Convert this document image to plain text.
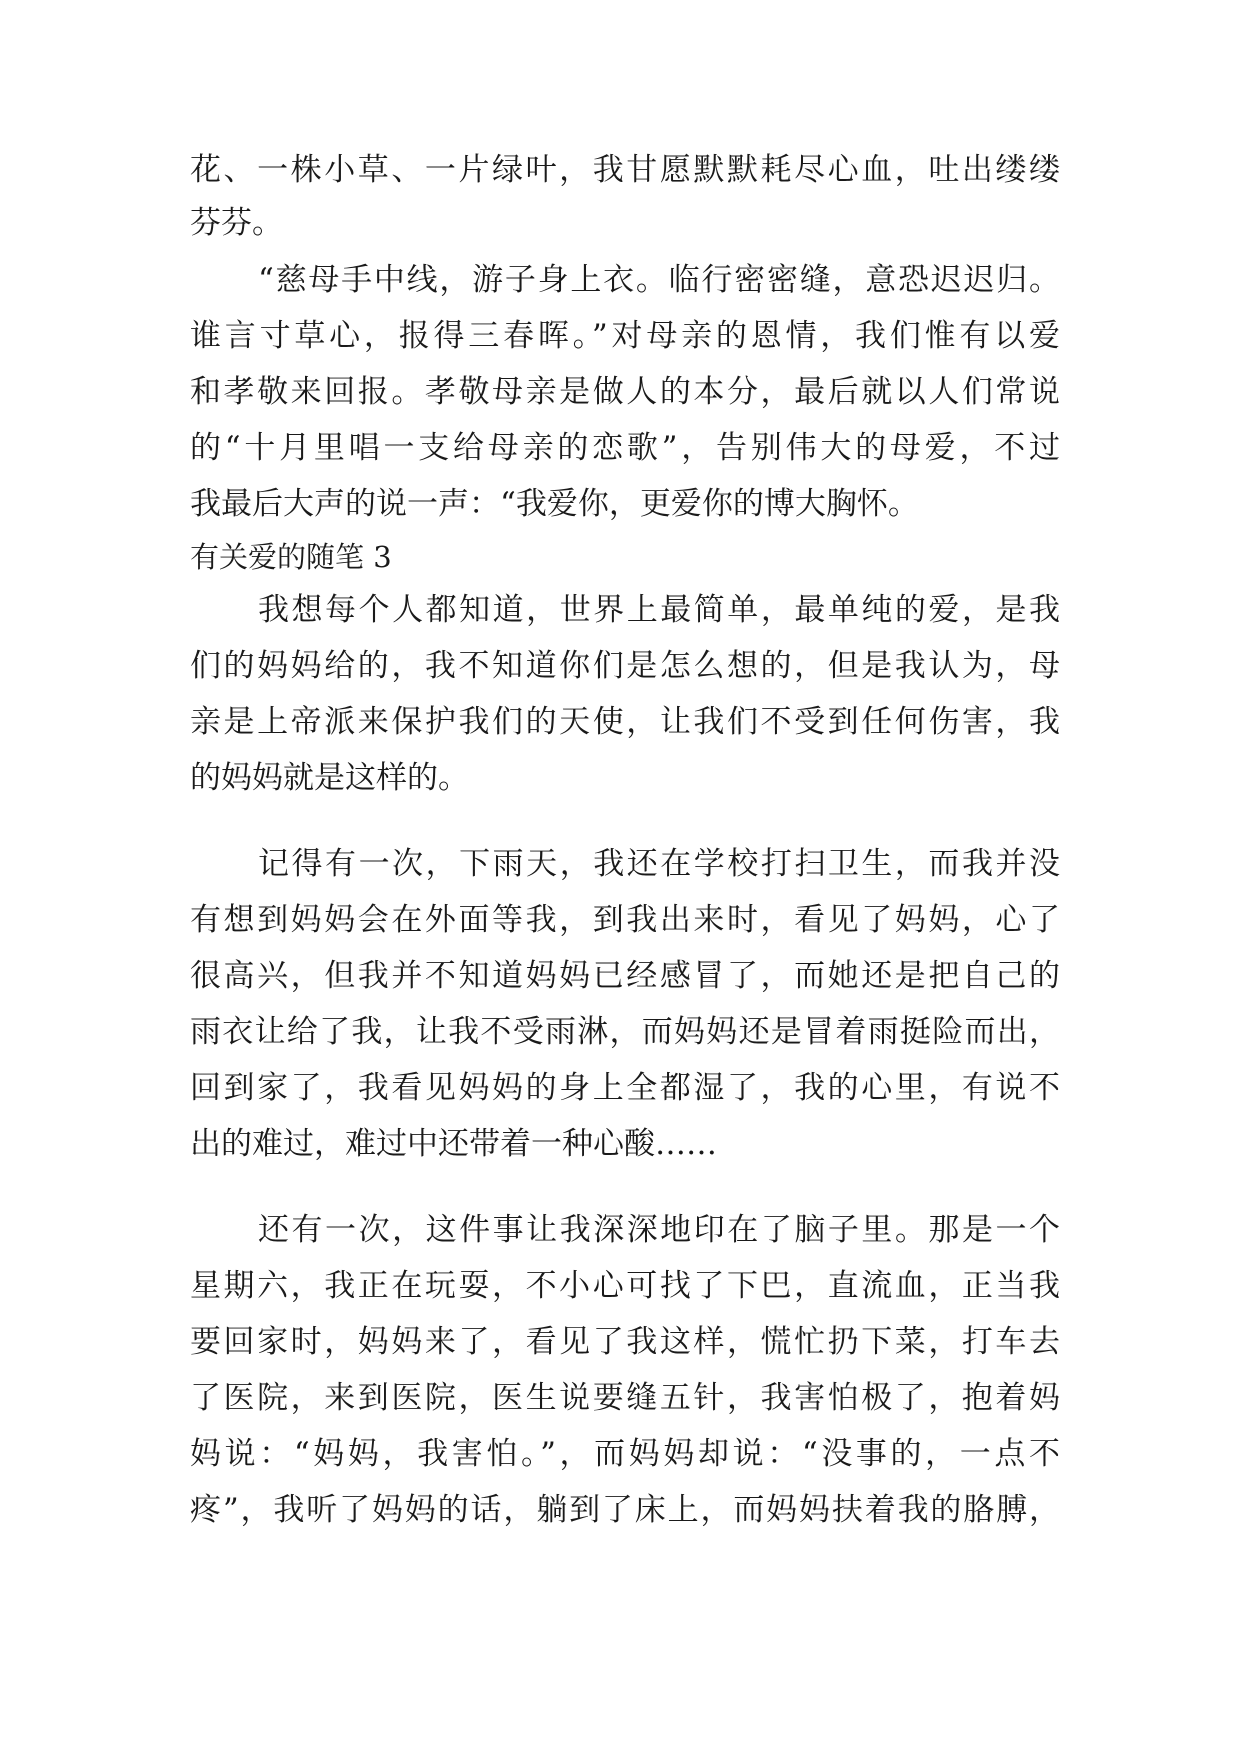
花、一株小草、一片绿叶，我甘愿默默耗尽心血，吐出缕缕
芬芬。
“慈母手中线，游子身上衣。临行密密缝，意恐迟迟归。
谁言寸草心，报得三春晖。”对母亲的恩情，我们惟有以爱
和孝敬来回报。孝敬母亲是做人的本分，最后就以人们常说
的“十月里唱一支给母亲的恋歌”，告别伟大的母爱，不过
我最后大声的说一声：“我爱你，更爱你的博大胸怀。
有关爱的随笔 3
我想每个人都知道，世界上最简单，最单纯的爱，是我
们的妈妈给的，我不知道你们是怎么想的，但是我认为，母
亲是上帝派来保护我们的天使，让我们不受到任何伤害，我
的妈妈就是这样的。
记得有一次，下雨天，我还在学校打扫卫生，而我并没
有想到妈妈会在外面等我，到我出来时，看见了妈妈，心了
很高兴，但我并不知道妈妈已经感冒了，而她还是把自己的
雨衣让给了我，让我不受雨淋，而妈妈还是冒着雨挺险而出，
回到家了，我看见妈妈的身上全都湿了，我的心里，有说不
出的难过，难过中还带着一种心酸……
还有一次，这件事让我深深地印在了脑子里。那是一个
星期六，我正在玩耍，不小心可找了下巴，直流血，正当我
要回家时，妈妈来了，看见了我这样，慌忙扔下菜，打车去
了医院，来到医院，医生说要缝五针，我害怕极了，抱着妈
妈说：“妈妈，我害怕。”，而妈妈却说：“没事的，一点不
疼”，我听了妈妈的话，躺到了床上，而妈妈扶着我的胳膊，
